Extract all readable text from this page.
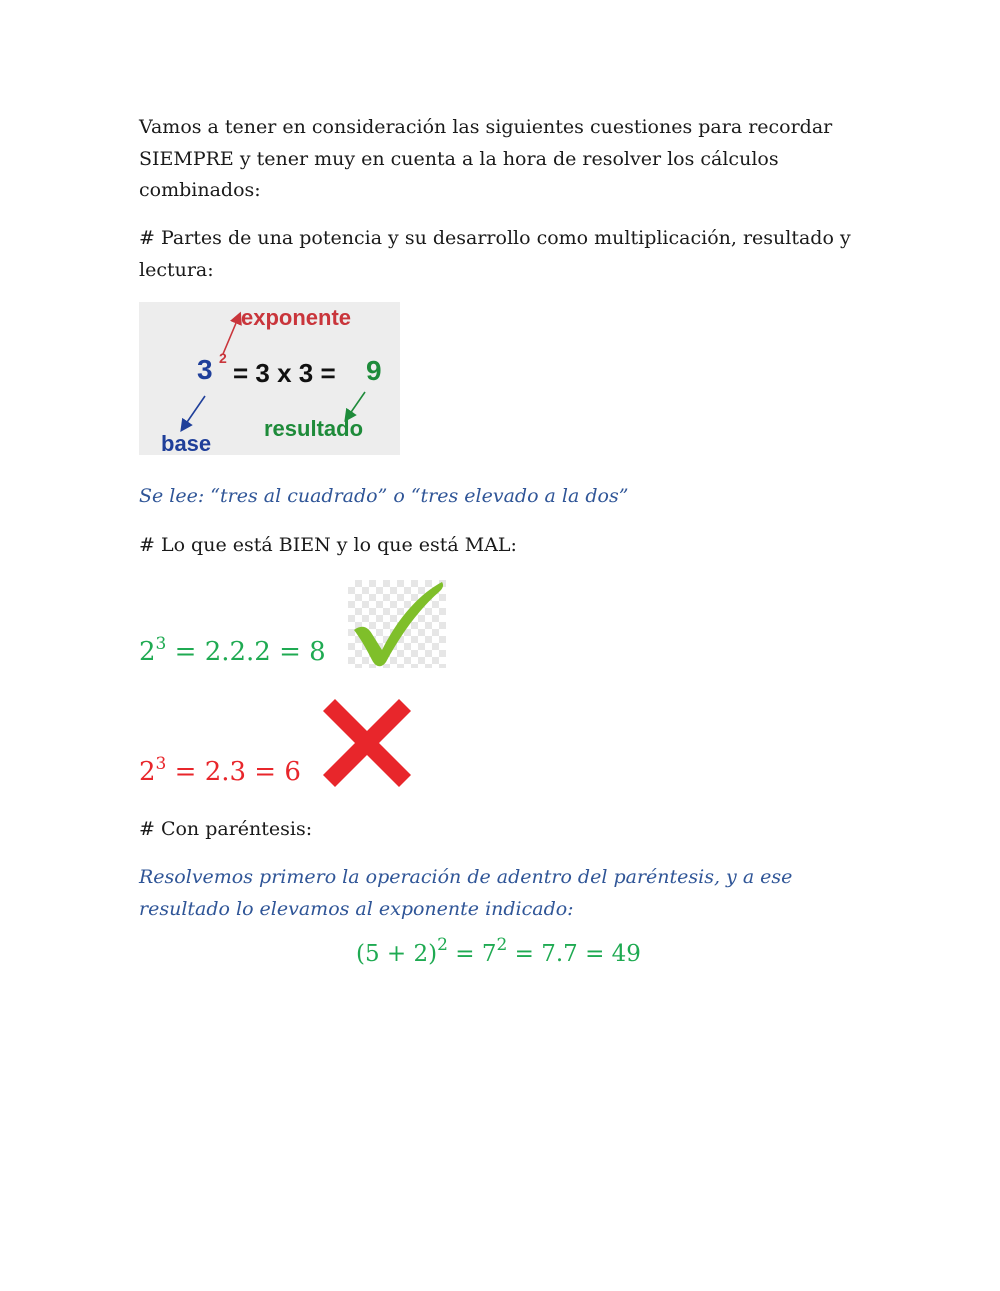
Vamos a tener en consideración las siguientes cuestiones para recordar SIEMPRE y tener muy en cuenta a la hora de resolver los cálculos combinados:

# Partes de una potencia y su desarrollo como multiplicación, resultado y lectura:

exponente
3 2 = 3 x 3 = 9
base
resultado

Se lee: “tres al cuadrado” o “tres elevado a la dos”

# Lo que está BIEN y lo que está MAL:

$2^3 = 2.2.2 = 8$
$2^3 = 2.3 = 6$

# Con paréntesis:

Resolvemos primero la operación de adentro del paréntesis, y a ese resultado lo elevamos al exponente indicado:

$(5 + 2)^2 = 7^2 = 7.7 = 49$
